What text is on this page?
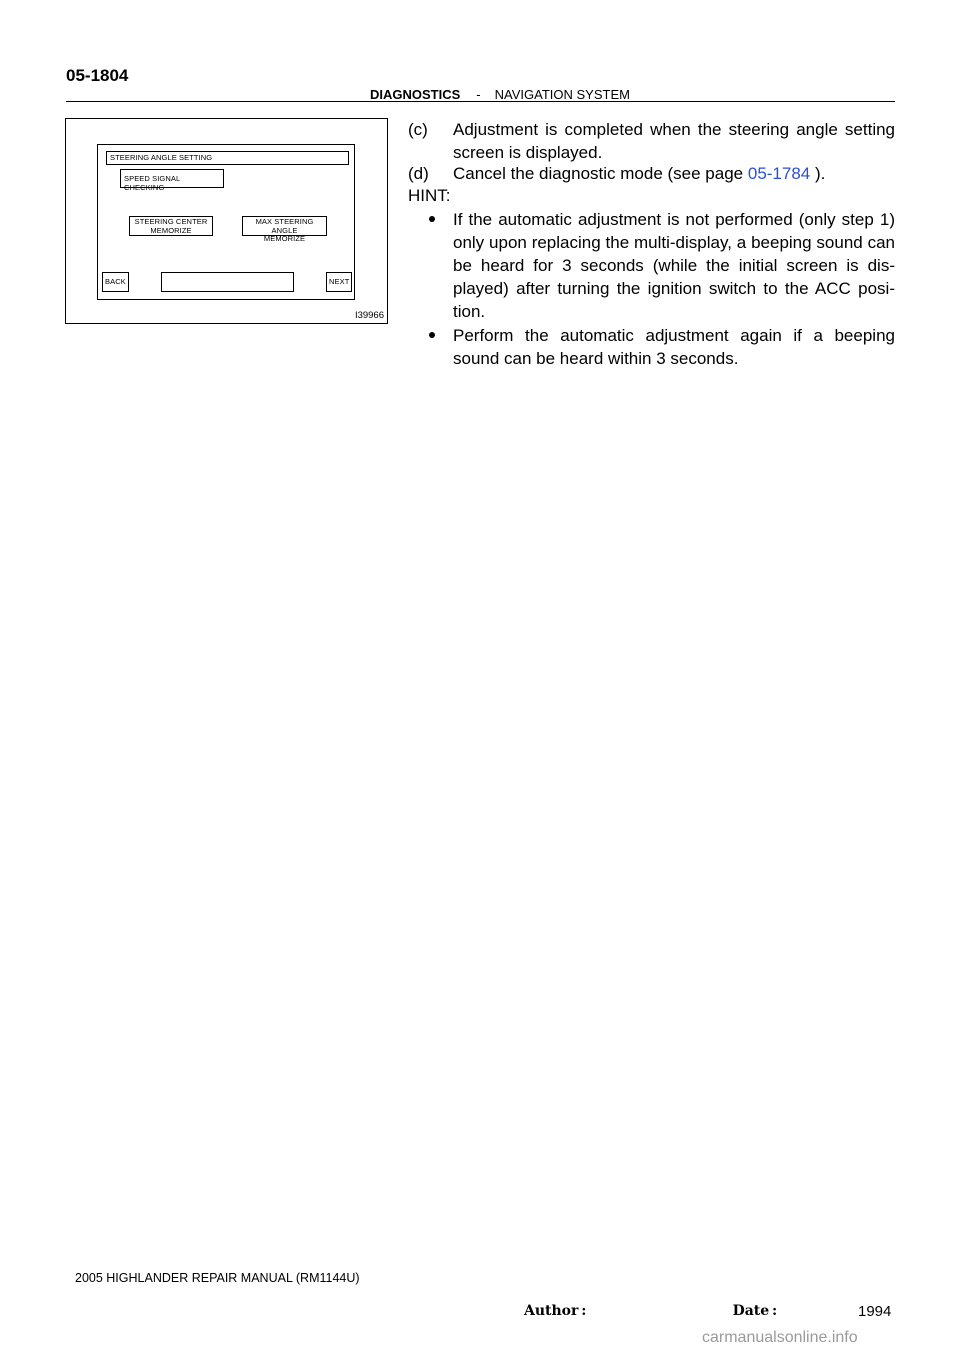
05-1804
DIAGNOSTICS - NAVIGATION SYSTEM
STEERING ANGLE SETTING
SPEED SIGNAL CHECKING
STEERING CENTER
MEMORIZE
MAX STEERING ANGLE
MEMORIZE
BACK	NEXT
I39966
(c) Adjustment is completed when the steering angle setting screen is displayed.
(d) Cancel the diagnostic mode (see page 05-1784 ).
HINT:
If the automatic adjustment is not performed (only step 1) only upon replacing the multi-display, a beeping sound can be heard for 3 seconds (while the initial screen is dis- played) after turning the ignition switch to the ACC posi- tion.
Perform the automatic adjustment again if a beeping sound can be heard within 3 seconds.
2005 HIGHLANDER REPAIR MANUAL (RM1144U)
Author :                              Date :	1994
carmanualsonline.info
